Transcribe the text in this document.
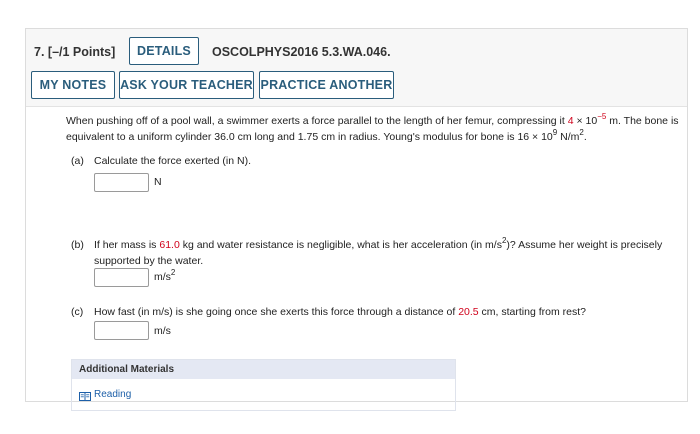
7. [–/1 Points]	DETAILS	OSCOLPHYS2016 5.3.WA.046.
MY NOTES	ASK YOUR TEACHER PRACTICE ANOTHER
When pushing off of a pool wall, a swimmer exerts a force parallel to the length of her femur, compressing it $4 \times 10^{-5}$ m. The bone is equivalent to a uniform cylinder 36.0 cm long and 1.75 cm in radius. Young's modulus for bone is $16 \times 10^9$ $N/m^2$.
(a) Calculate the force exerted (in N).
N
(b) If her mass is 61.0 kg and water resistance is negligible, what is her acceleration (in $m/s^2$)? Assume her weight is precisely supported by the water.
$m/s^2$
(c) How fast (in m/s) is she going once she exerts this force through a distance of 20.5 cm, starting from rest?
m/s
Additional Materials
Reading
